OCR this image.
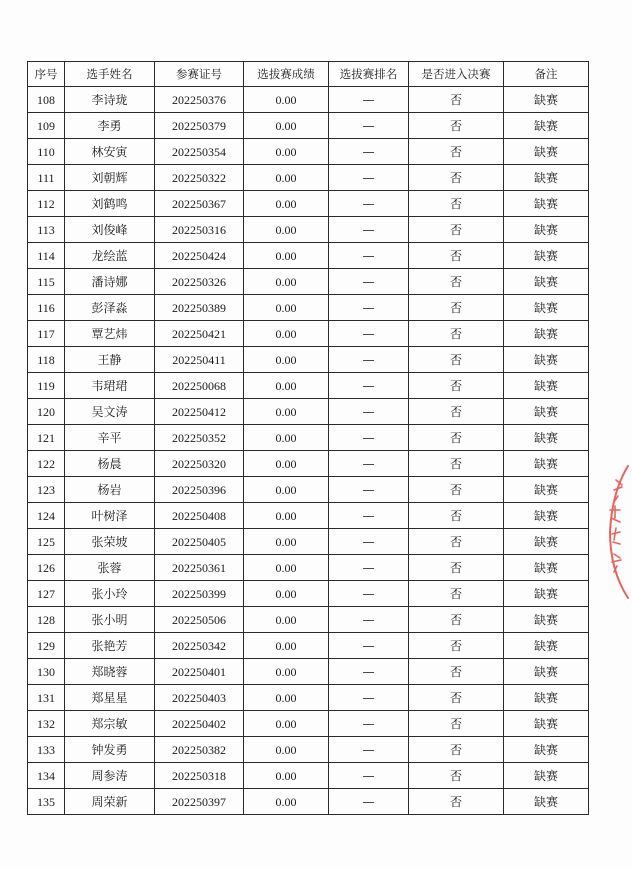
序号	选手姓名	参赛证号	选拔赛成绩	选拔赛排名	是否进入决赛	备注
108	李诗珑	202250376	0.00	—	否	缺赛
109	李勇	202250379	0.00	—	否	缺赛
110	林安寅	202250354	0.00	—	否	缺赛
111	刘朝辉	202250322	0.00	—	否	缺赛
112	刘鹤鸣	202250367	0.00	—	否	缺赛
113	刘俊峰	202250316	0.00	—	否	缺赛
114	龙绘蓝	202250424	0.00	—	否	缺赛
115	潘诗娜	202250326	0.00	—	否	缺赛
116	彭泽淼	202250389	0.00	—	否	缺赛
117	覃艺炜	202250421	0.00	—	否	缺赛
118	王静	202250411	0.00	—	否	缺赛
119	韦珺珺	202250068	0.00	—	否	缺赛
120	吴文涛	202250412	0.00	—	否	缺赛
121	辛平	202250352	0.00	—	否	缺赛
122	杨晨	202250320	0.00	—	否	缺赛
123	杨岩	202250396	0.00	—	否	缺赛
124	叶树泽	202250408	0.00	—	否	缺赛
125	张荣坡	202250405	0.00	—	否	缺赛
126	张蓉	202250361	0.00	—	否	缺赛
127	张小玲	202250399	0.00	—	否	缺赛
128	张小明	202250506	0.00	—	否	缺赛
129	张艳芳	202250342	0.00	—	否	缺赛
130	郑晓蓉	202250401	0.00	—	否	缺赛
131	郑星星	202250403	0.00	—	否	缺赛
132	郑宗敏	202250402	0.00	—	否	缺赛
133	钟发勇	202250382	0.00	—	否	缺赛
134	周参涛	202250318	0.00	—	否	缺赛
135	周荣新	202250397	0.00	—	否	缺赛
